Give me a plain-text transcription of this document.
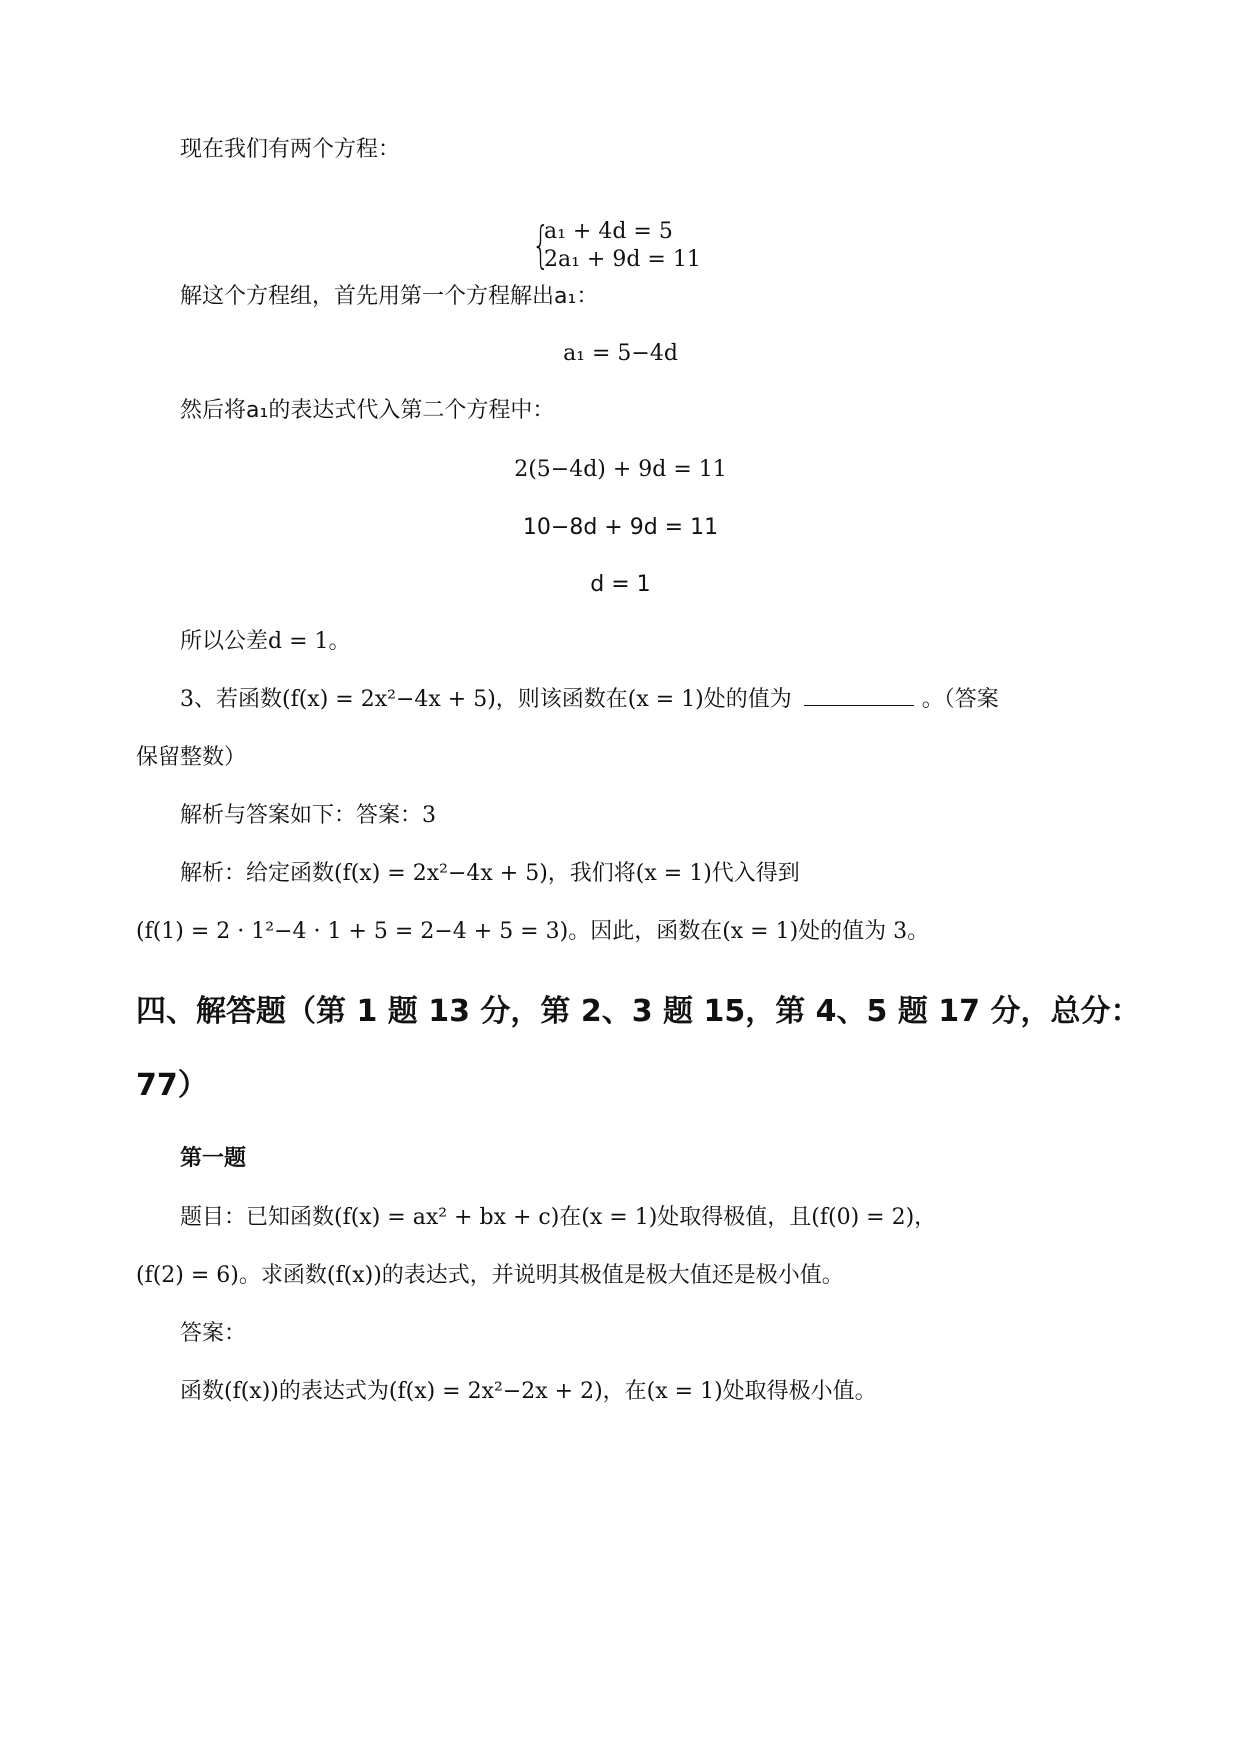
现在我们有两个方程：
{
a₁ + 4d = 5
2a₁ + 9d = 11
解这个方程组，首先用第一个方程解出a₁：
a₁ = 5−4d
然后将a₁的表达式代入第二个方程中：
2(5−4d) + 9d = 11
10−8d + 9d = 11
d = 1
所以公差d = 1。
3、若函数(f(x) = 2x²−4x + 5)，则该函数在(x = 1)处的值为	。（答案
保留整数）
解析与答案如下：答案：3
解析：给定函数(f(x) = 2x²−4x + 5)，我们将(x = 1)代入得到
(f(1) = 2 · 1²−4 · 1 + 5 = 2−4 + 5 = 3)。因此，函数在(x = 1)处的值为 3。
四、解答题（第 1 题 13 分，第 2、3 题 15，第 4、5 题 17 分，总分：
77）
第一题
题目：已知函数(f(x) = ax² + bx + c)在(x = 1)处取得极值，且(f(0) = 2)，
(f(2) = 6)。求函数(f(x))的表达式，并说明其极值是极大值还是极小值。
答案：
函数(f(x))的表达式为(f(x) = 2x²−2x + 2)，在(x = 1)处取得极小值。
